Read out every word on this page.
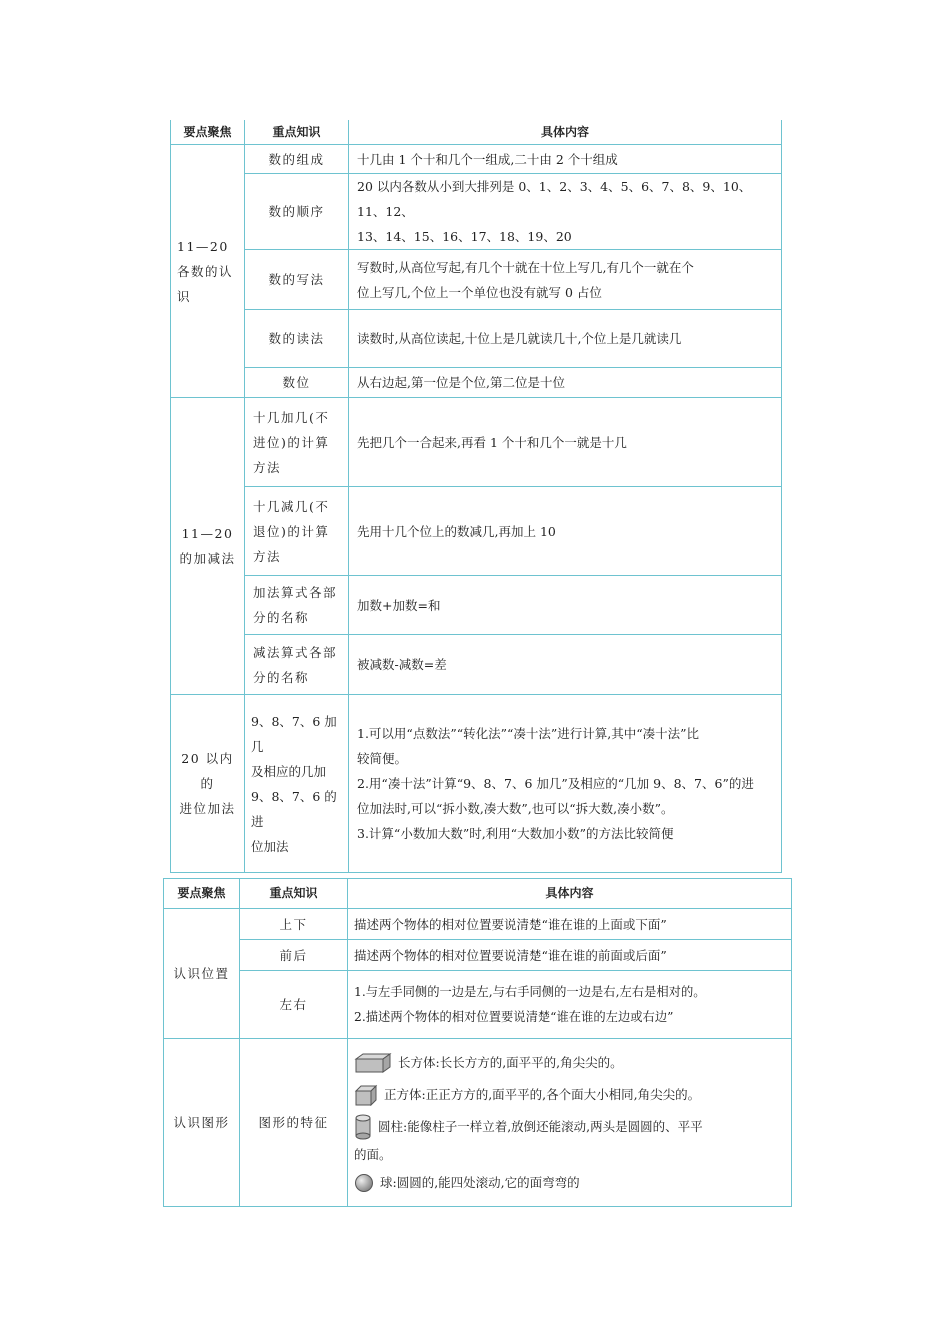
要点聚焦	重点知识	具体内容
11—20 各数的认识	数的组成	十几由 1 个十和几个一组成,二十由 2 个十组成

	数的顺序	20 以内各数从小到大排列是 0、1、2、3、4、5、6、7、8、9、10、11、12、
13、14、15、16、17、18、19、20

	数的写法	写数时,从高位写起,有几个十就在十位上写几,有几个一就在个
位上写几,个位上一个单位也没有就写 0 占位

	数的读法	读数时,从高位读起,十位上是几就读几十,个位上是几就读几

	数位	从右边起,第一位是个位,第二位是十位

11—20
的加减法	十几加几(不
进位)的计算
方法	先把几个一合起来,再看 1 个十和几个一就是十几

	十几减几(不
退位)的计算
方法	先用十几个位上的数减几,再加上 10

	加法算式各部
分的名称	加数+加数=和

	减法算式各部
分的名称	被减数-减数=差

20 以内的
进位加法	9、8、7、6 加几
及相应的几加
9、8、7、6 的进
位加法	1.可以用“点数法”“转化法”“凑十法”进行计算,其中“凑十法”比
较简便。
2.用“凑十法”计算“9、8、7、6 加几”及相应的“几加 9、8、7、6”的进
位加法时,可以“拆小数,凑大数”,也可以“拆大数,凑小数”。
3.计算“小数加大数”时,利用“大数加小数”的方法比较简便
要点聚焦	重点知识	具体内容
认识位置	上下	描述两个物体的相对位置要说清楚“谁在谁的上面或下面”

	前后	描述两个物体的相对位置要说清楚“谁在谁的前面或后面”

	左右	1.与左手同侧的一边是左,与右手同侧的一边是右,左右是相对的。
2.描述两个物体的相对位置要说清楚“谁在谁的左边或右边”

认识图形	图形的特征	长方体:长长方方的,面平平的,角尖尖的。
正方体:正正方方的,面平平的,各个面大小相同,角尖尖的。
圆柱:能像柱子一样立着,放倒还能滚动,两头是圆圆的、平平
的面。
球:圆圆的,能四处滚动,它的面弯弯的
